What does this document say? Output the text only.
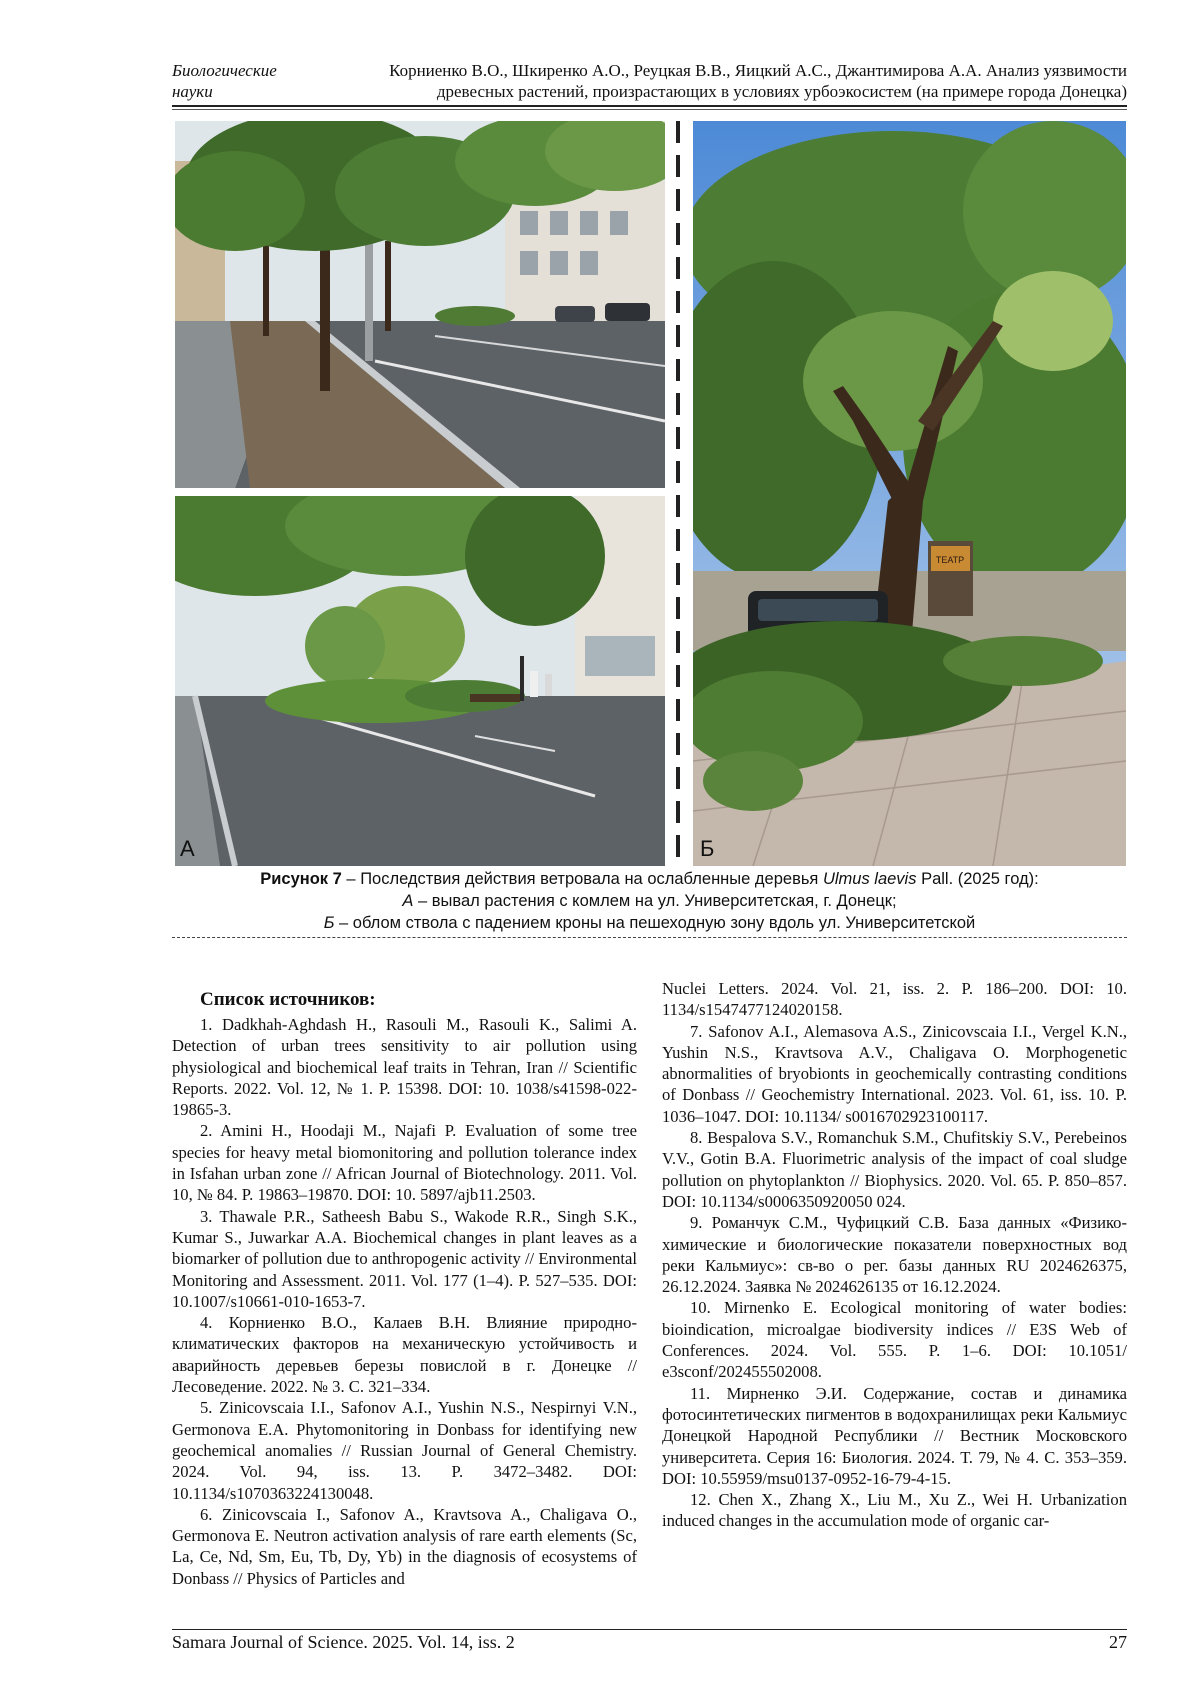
Биологические
науки
Корниенко В.О., Шкиренко А.О., Реуцкая В.В., Яицкий А.С., Джантимирова А.А. Анализ уязвимости
древесных растений, произрастающих в условиях урбоэкосистем (на примере города Донецка)
ТЕАТР
А	Б
Рисунок 7 – Последствия действия ветровала на ослабленные деревья Ulmus laevis Pall. (2025 год):
А – вывал растения с комлем на ул. Университетская, г. Донецк;
Б – облом ствола с падением кроны на пешеходную зону вдоль ул. Университетской
Список источников:

1. Dadkhah-Aghdash H., Rasouli M., Rasouli K., Salimi A. Detection of urban trees sensitivity to air pollution using physiological and biochemical leaf traits in Tehran, Iran // Scientific Reports. 2022. Vol. 12, № 1. P. 15398. DOI: 10. 1038/s41598-022-19865-3.

2. Amini H., Hoodaji M., Najafi P. Evaluation of some tree species for heavy metal biomonitoring and pollution tolerance index in Isfahan urban zone // African Journal of Biotechnology. 2011. Vol. 10, № 84. P. 19863–19870. DOI: 10. 5897/ajb11.2503.

3. Thawale P.R., Satheesh Babu S., Wakode R.R., Singh S.K., Kumar S., Juwarkar A.A. Biochemical changes in plant leaves as a biomarker of pollution due to anthropogenic activity // Environmental Monitoring and Assessment. 2011. Vol. 177 (1–4). P. 527–535. DOI: 10.1007/s10661-010-1653-7.

4. Корниенко В.О., Калаев В.Н. Влияние природно-климатических факторов на механическую устойчивость и аварийность деревьев березы повислой в г. Донецке // Лесоведение. 2022. № 3. С. 321–334.

5. Zinicovscaia I.I., Safonov A.I., Yushin N.S., Nespirnyi V.N., Germonova E.A. Phytomonitoring in Donbass for identifying new geochemical anomalies // Russian Journal of General Chemistry. 2024. Vol. 94, iss. 13. P. 3472–3482. DOI: 10.1134/s1070363224130048.

6. Zinicovscaia I., Safonov A., Kravtsova A., Chaligava O., Germonova E. Neutron activation analysis of rare earth elements (Sc, La, Ce, Nd, Sm, Eu, Tb, Dy, Yb) in the diagnosis of ecosystems of Donbass // Physics of Particles and

Nuclei Letters. 2024. Vol. 21, iss. 2. P. 186–200. DOI: 10. 1134/s1547477124020158.

7. Safonov A.I., Alemasova A.S., Zinicovscaia I.I., Vergel K.N., Yushin N.S., Kravtsova A.V., Chaligava O. Morphogenetic abnormalities of bryobionts in geochemically contrasting conditions of Donbass // Geochemistry International. 2023. Vol. 61, iss. 10. P. 1036–1047. DOI: 10.1134/ s0016702923100117.

8. Bespalova S.V., Romanchuk S.M., Chufitskiy S.V., Perebeinos V.V., Gotin B.A. Fluorimetric analysis of the impact of coal sludge pollution on phytoplankton // Biophysics. 2020. Vol. 65. P. 850–857. DOI: 10.1134/s0006350920050 024.

9. Романчук С.М., Чуфицкий С.В. База данных «Физико-химические и биологические показатели поверхностных вод реки Кальмиус»: св-во о рег. базы данных RU 2024626375, 26.12.2024. Заявка № 2024626135 от 16.12.2024.

10. Mirnenko E. Ecological monitoring of water bodies: bioindication, microalgae biodiversity indices // E3S Web of Conferences. 2024. Vol. 555. P. 1–6. DOI: 10.1051/ e3sconf/202455502008.

11. Мирненко Э.И. Содержание, состав и динамика фотосинтетических пигментов в водохранилищах реки Кальмиус Донецкой Народной Республики // Вестник Московского университета. Серия 16: Биология. 2024. Т. 79, № 4. С. 353–359. DOI: 10.55959/msu0137-0952-16-79-4-15.

12. Chen X., Zhang X., Liu M., Xu Z., Wei H. Urbanization induced changes in the accumulation mode of organic car-

Samara Journal of Science. 2025. Vol. 14, iss. 2	27
